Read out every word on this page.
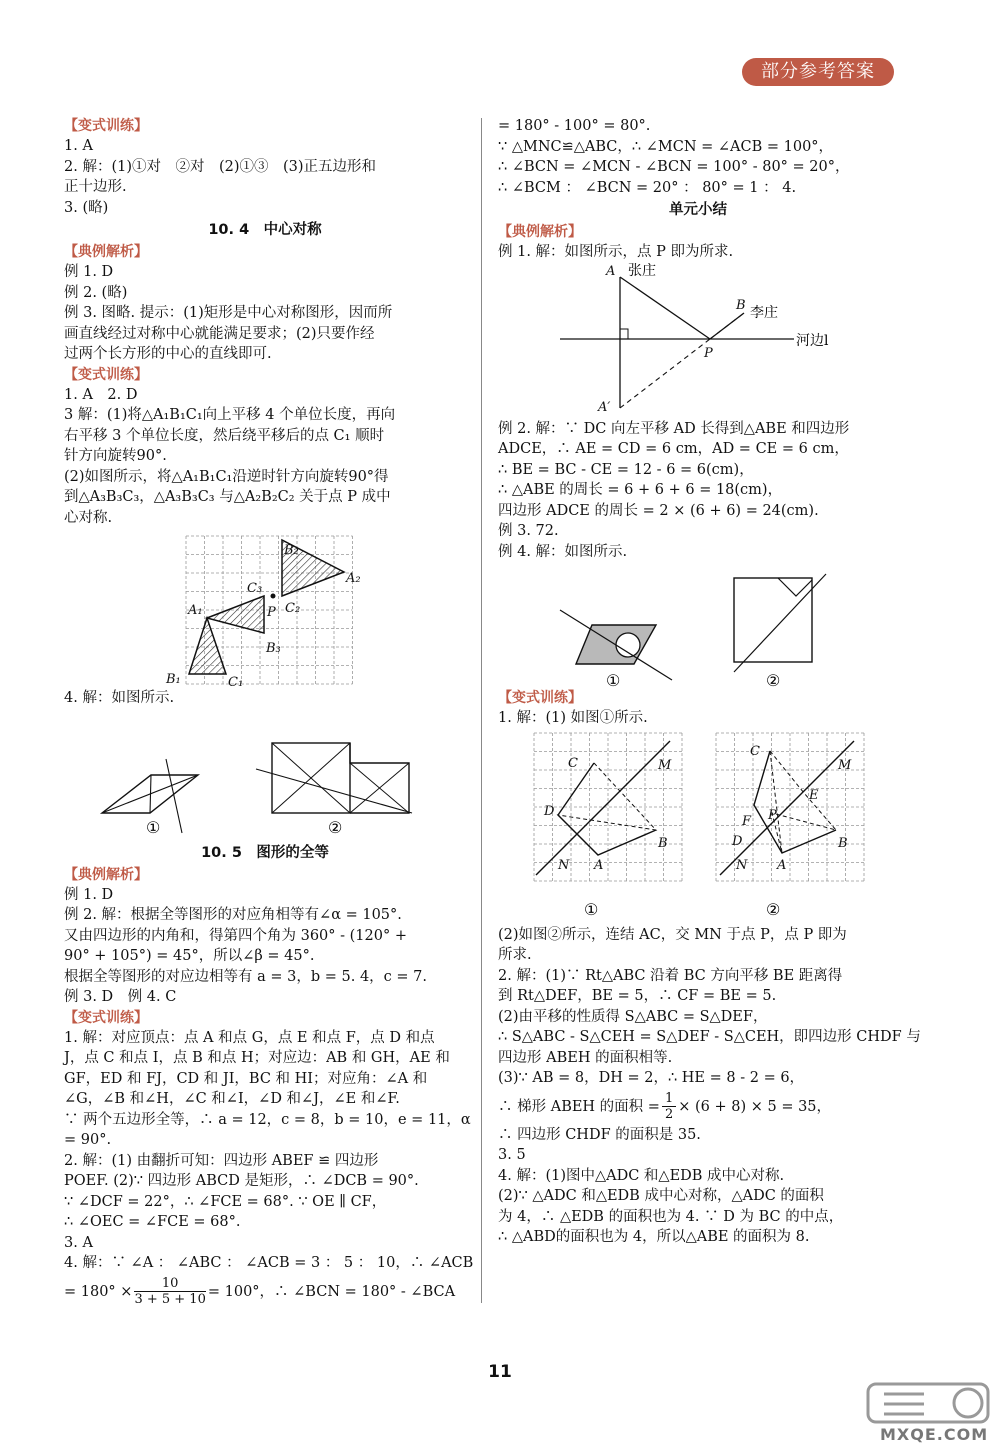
部分参考答案
【变式训练】
1. A
2. 解：(1)①对　②对　(2)①③　(3)正五边形和
正十边形.
3. (略)
10. 4　中心对称
【典例解析】
例 1. D
例 2. (略)
例 3. 图略. 提示：(1)矩形是中心对称图形，因而所
画直线经过对称中心就能满足要求；(2)只要作经
过两个长方形的中心的直线即可.
【变式训练】
1. A　2. D
3 解：(1)将△A₁B₁C₁向上平移 4 个单位长度，再向
右平移 3 个单位长度，然后绕平移后的点 C₁ 顺时
针方向旋转90°.
(2)如图所示，将△A₁B₁C₁沿逆时针方向旋转90°得
到△A₃B₃C₃，△A₃B₃C₃ 与△A₂B₂C₂ 关于点 P 成中
心对称.
B₂
A₂
C₃
P C₂
A₁
B₃
B₁	C₁
4. 解：如图所示.
①	②
10. 5　图形的全等
【典例解析】
例 1. D
例 2. 解：根据全等图形的对应角相等有∠α = 105°.
又由四边形的内角和，得第四个角为 360° - (120° +
90° + 105°) = 45°，所以∠β = 45°.
根据全等图形的对应边相等有 a = 3，b = 5. 4，c = 7.
例 3. D　例 4. C
【变式训练】
1. 解：对应顶点：点 A 和点 G，点 E 和点 F，点 D 和点
J，点 C 和点 I，点 B 和点 H；对应边：AB 和 GH，AE 和
GF，ED 和 FJ，CD 和 JI，BC 和 HI；对应角：∠A 和
∠G，∠B 和∠H，∠C 和∠I，∠D 和∠J，∠E 和∠F.
∵ 两个五边形全等，∴ a = 12，c = 8，b = 10，e = 11，α
= 90°.
2. 解：(1) 由翻折可知：四边形 ABEF ≌ 四边形
POEF. (2)∵ 四边形 ABCD 是矩形，∴ ∠DCB = 90°.
∵ ∠DCF = 22°，∴ ∠FCE = 68°. ∵ OE ∥ CF，
∴ ∠OEC = ∠FCE = 68°.
3. A
4. 解：∵ ∠A ： ∠ABC ： ∠ACB = 3 ： 5 ： 10，∴ ∠ACB
= $180^\circ \times \frac{10}{3 + 5 + 10} = 100^\circ$，∴ ∠BCN = 180° - ∠BCA
= 180° - 100° = 80°.
∵ △MNC≌△ABC，∴ ∠MCN = ∠ACB = 100°，
∴ ∠BCN = ∠MCN - ∠BCN = 100° - 80° = 20°，
∴ ∠BCM ： ∠BCN = 20° ： 80° = 1 ： 4.
单元小结
【典例解析】
例 1. 解：如图所示，点 P 即为所求.
A 张庄
B 李庄
河边l
P
A′
例 2. 解：∵ DC 向左平移 AD 长得到△ABE 和四边形
ADCE，∴ AE = CD = 6 cm，AD = CE = 6 cm，
∴ BE = BC - CE = 12 - 6 = 6(cm)，
∴ △ABE 的周长 = 6 + 6 + 6 = 18(cm)，
四边形 ADCE 的周长 = 2 × (6 + 6) = 24(cm).
例 3. 72.
例 4. 解：如图所示.
①	②
【变式训练】
1. 解：(1) 如图①所示.
C	M
D
B
N A
C
M
E
F P
D	B
N A
①	②
(2)如图②所示，连结 AC，交 MN 于点 P，点 P 即为
所求.
2. 解：(1)∵ Rt△ABC 沿着 BC 方向平移 BE 距离得
到 Rt△DEF，BE = 5，∴ CF = BE = 5.
(2)由平移的性质得 S△ABC = S△DEF，
∴ S△ABC - S△CEH = S△DEF - S△CEH，即四边形 CHDF 与
四边形 ABEH 的面积相等.
(3)∵ AB = 8，DH = 2，∴ HE = 8 - 2 = 6，
∴ 梯形 ABEH 的面积 = $\frac{1}{2} \times (6 + 8) \times 5 = 35$，
∴ 四边形 CHDF 的面积是 35.
3. 5
4. 解：(1)图中△ADC 和△EDB 成中心对称.
(2)∵ △ADC 和△EDB 成中心对称，△ADC 的面积
为 4，∴ △EDB 的面积也为 4. ∵ D 为 BC 的中点，
∴ △ABD的面积也为 4，所以△ABE 的面积为 8.
11
MXQE.COM
